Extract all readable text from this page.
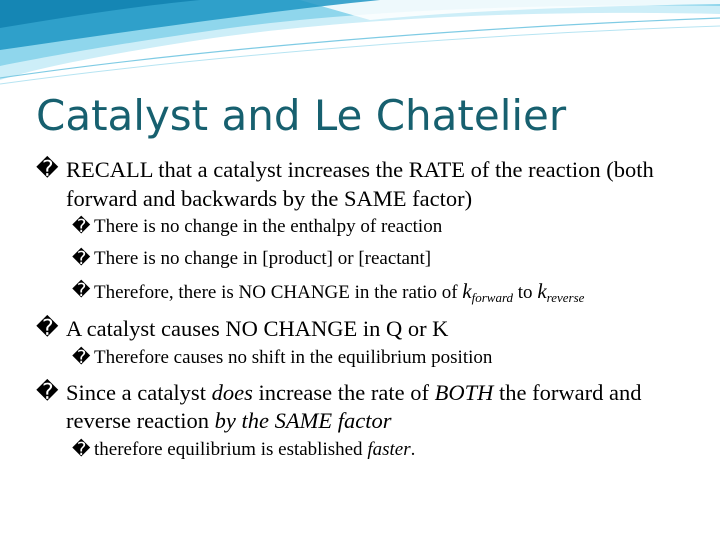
Catalyst and Le Chatelier
� RECALL that a catalyst increases the RATE of the reaction (both forward and backwards by the SAME factor)
� There is no change in the enthalpy of reaction
� There is no change in [product] or [reactant]
� Therefore, there is NO CHANGE in the ratio of $k_{forward}$ to $k_{reverse}$
� A catalyst causes NO CHANGE in Q or K
� Therefore causes no shift in the equilibrium position
� Since a catalyst does increase the rate of BOTH the forward and reverse reaction by the SAME factor
� therefore equilibrium is established faster.
